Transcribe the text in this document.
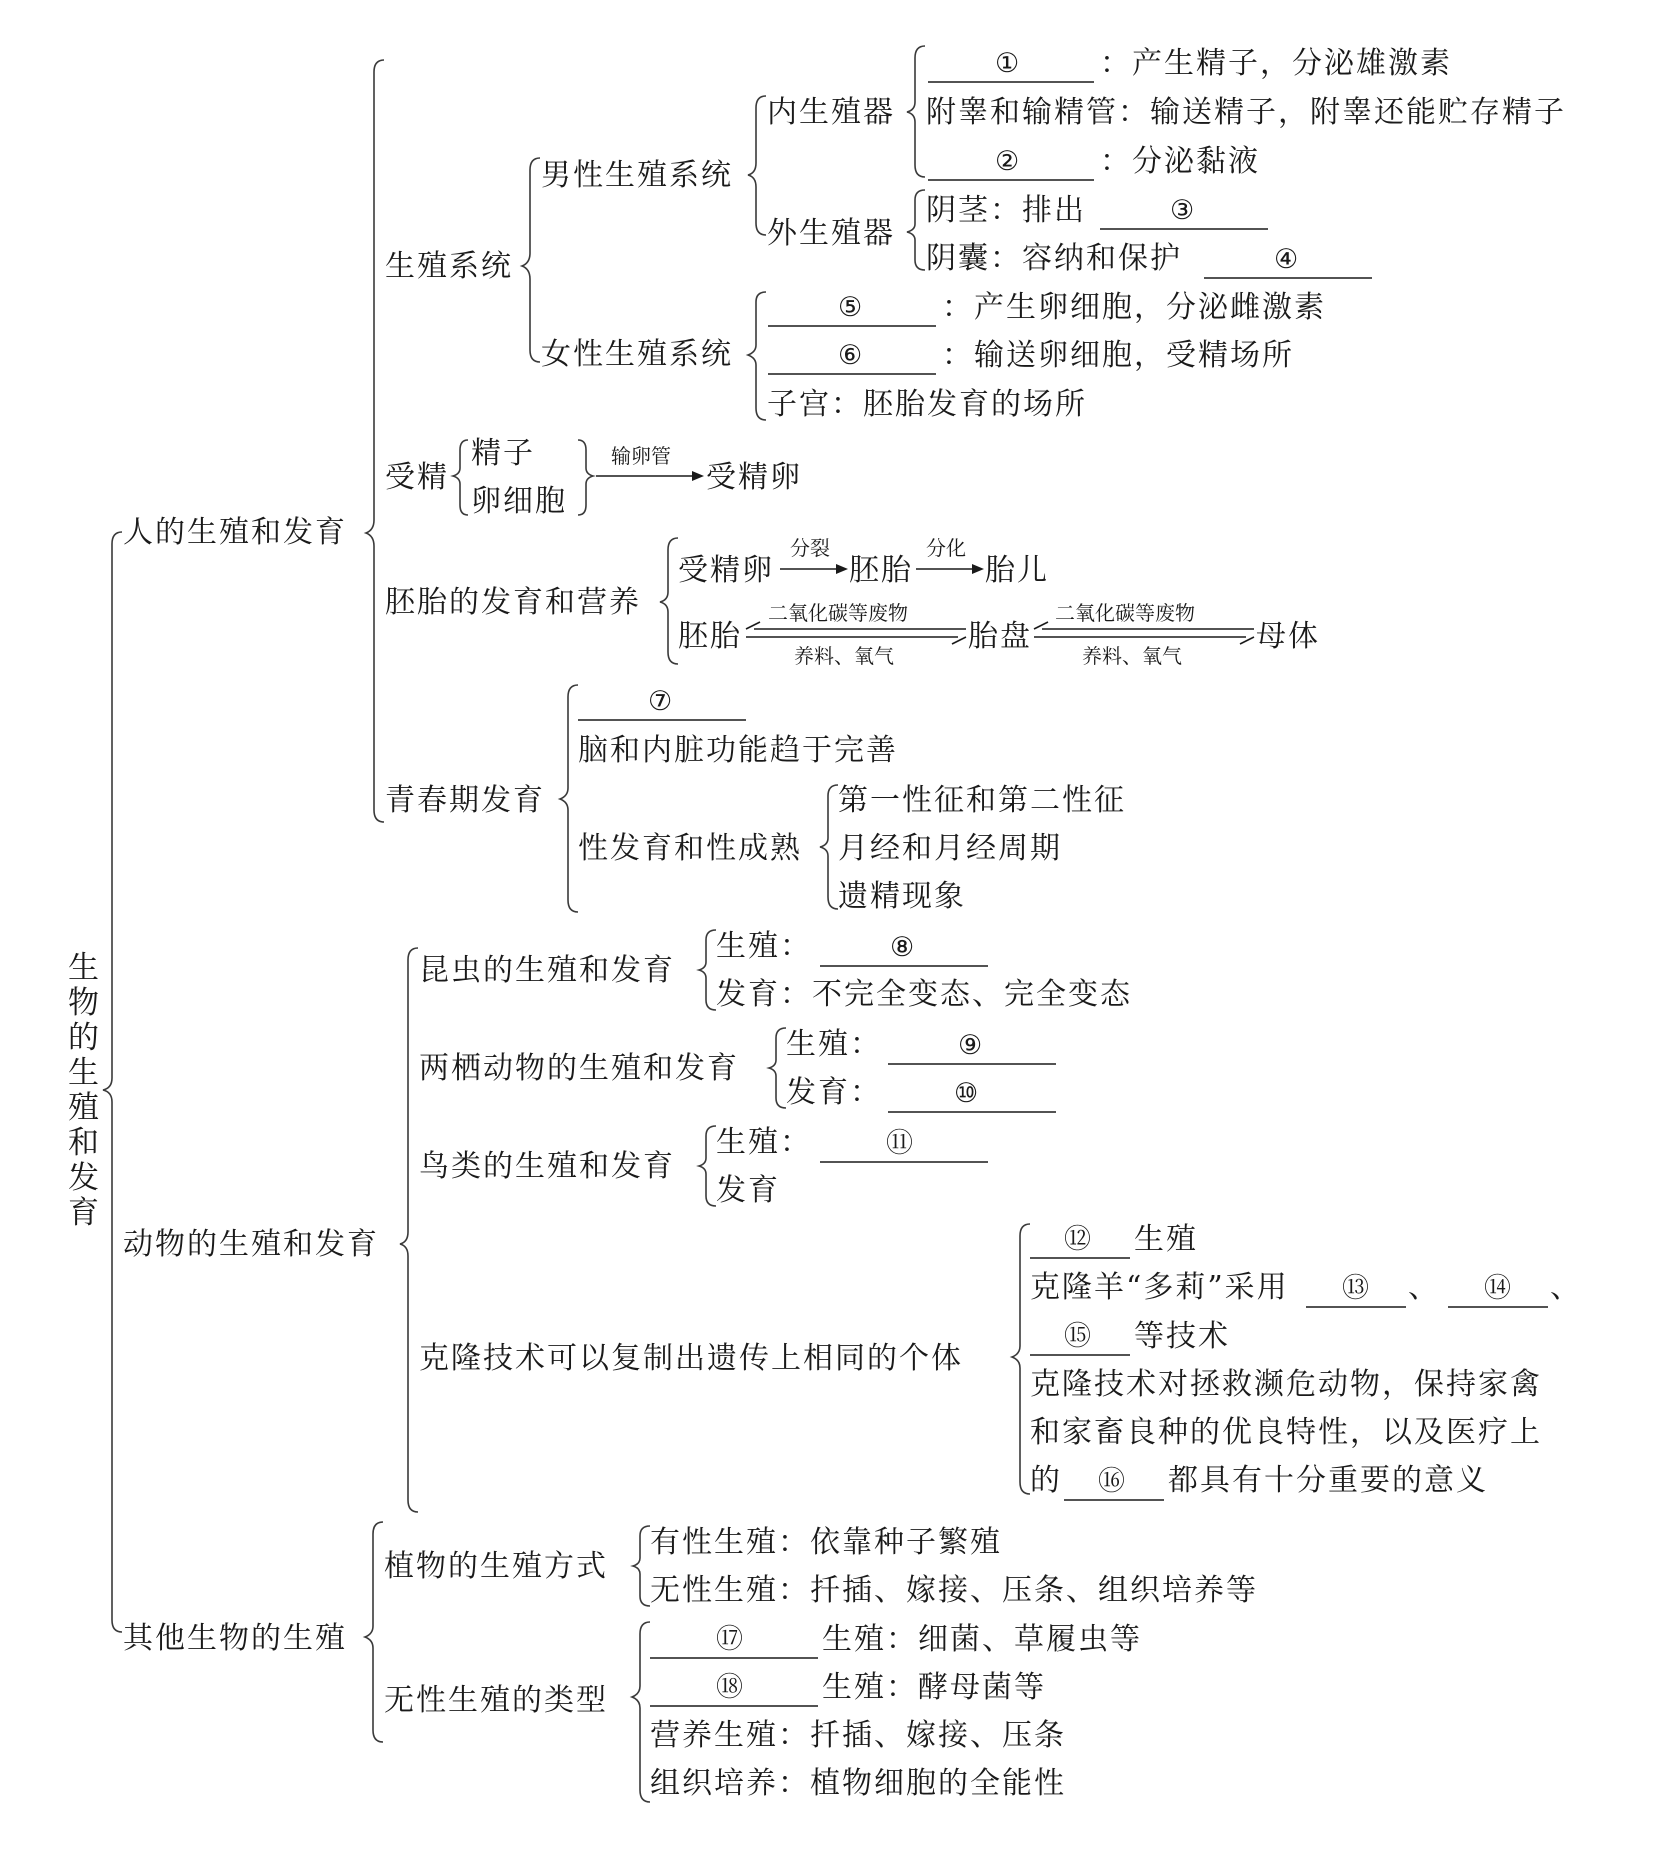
生
物
的
生
殖
和
发
育
人的生殖和发育
生殖系统
男性生殖系统
内生殖器
①	：产生精子，分泌雄激素
附睾和输精管：输送精子，附睾还能贮存精子
②	：分泌黏液
外生殖器
阴茎：排出	③
阴囊：容纳和保护	④
女性生殖系统
⑤	：产生卵细胞，分泌雌激素
⑥	：输送卵细胞，受精场所
子宫：胚胎发育的场所
受精
精子
卵细胞
输卵管
受精卵
胚胎的发育和营养
受精卵
分裂
胚胎
分化
胎儿
胚胎
二氧化碳等废物
养料、氧气
胎盘
二氧化碳等废物
养料、氧气
母体
青春期发育
⑦
脑和内脏功能趋于完善
性发育和性成熟
第一性征和第二性征
月经和月经周期
遗精现象
动物的生殖和发育
昆虫的生殖和发育
生殖：	⑧
发育：不完全变态、完全变态
两栖动物的生殖和发育
生殖：	⑨
发育：	⑩
鸟类的生殖和发育
生殖：	⑪
发育
克隆技术可以复制出遗传上相同的个体
⑫ 生殖
克隆羊“多莉”采用 ⑬ 、 ⑭ 、
⑮ 等技术
克隆技术对拯救濒危动物，保持家禽
和家畜良种的优良特性，以及医疗上
的 ⑯ 都具有十分重要的意义
其他生物的生殖
植物的生殖方式
有性生殖：依靠种子繁殖
无性生殖：扦插、嫁接、压条、组织培养等
无性生殖的类型
⑰	生殖：细菌、草履虫等
⑱	生殖：酵母菌等
营养生殖：扦插、嫁接、压条
组织培养：植物细胞的全能性
